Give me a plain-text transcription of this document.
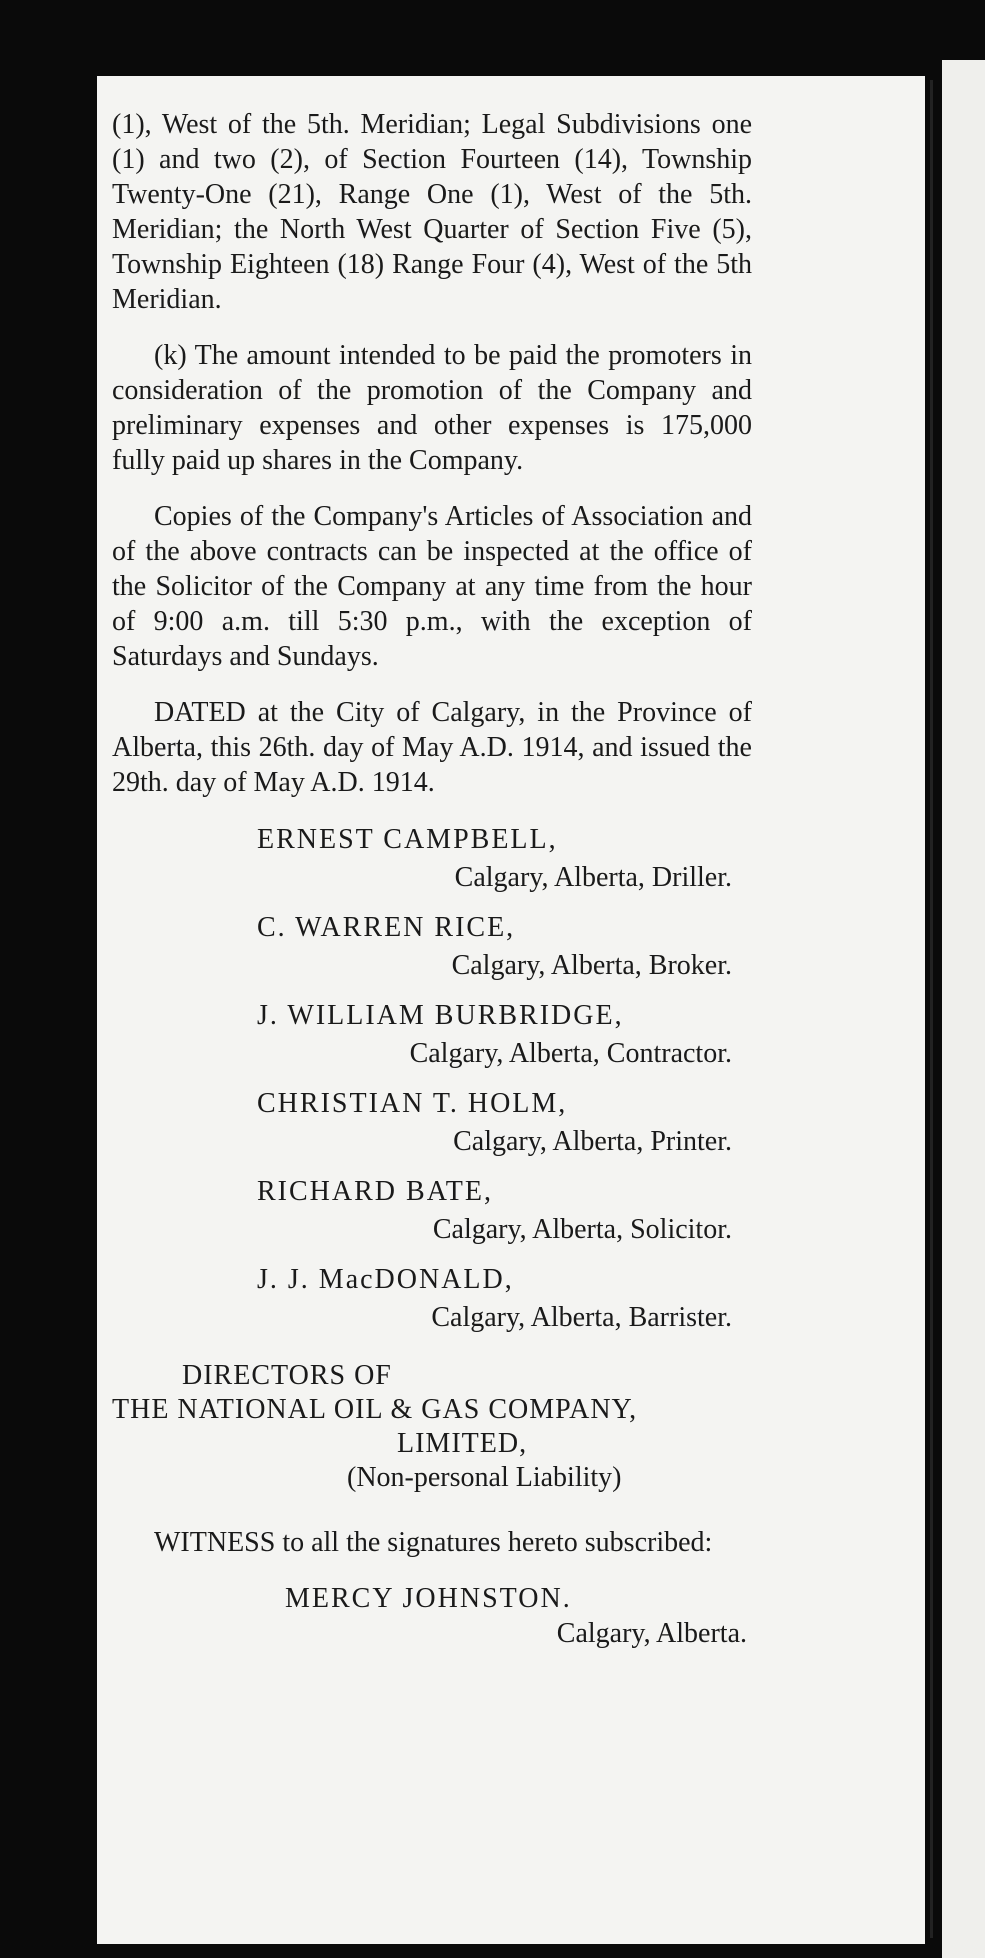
(1), West of the 5th. Meridian; Legal Subdivisions one (1) and two (2), of Section Fourteen (14), Township Twenty-One (21), Range One (1), West of the 5th. Meridian; the North West Quarter of Section Five (5), Township Eighteen (18) Range Four (4), West of the 5th Meridian.

(k) The amount intended to be paid the promoters in consideration of the promotion of the Company and preliminary expenses and other expenses is 175,000 fully paid up shares in the Company.

Copies of the Company's Articles of Association and of the above contracts can be inspected at the office of the Solicitor of the Company at any time from the hour of 9:00 a.m. till 5:30 p.m., with the exception of Saturdays and Sundays.

DATED at the City of Calgary, in the Province of Alberta, this 26th. day of May A.D. 1914, and issued the 29th. day of May A.D. 1914.

ERNEST CAMPBELL,
Calgary, Alberta, Driller.
C. WARREN RICE,
Calgary, Alberta, Broker.
J. WILLIAM BURBRIDGE,
Calgary, Alberta, Contractor.
CHRISTIAN T. HOLM,
Calgary, Alberta, Printer.
RICHARD BATE,
Calgary, Alberta, Solicitor.
J. J. MacDONALD,
Calgary, Alberta, Barrister.
DIRECTORS OF
THE NATIONAL OIL & GAS COMPANY,
LIMITED,
(Non-personal Liability)

WITNESS to all the signatures hereto subscribed:

MERCY JOHNSTON.
Calgary, Alberta.
